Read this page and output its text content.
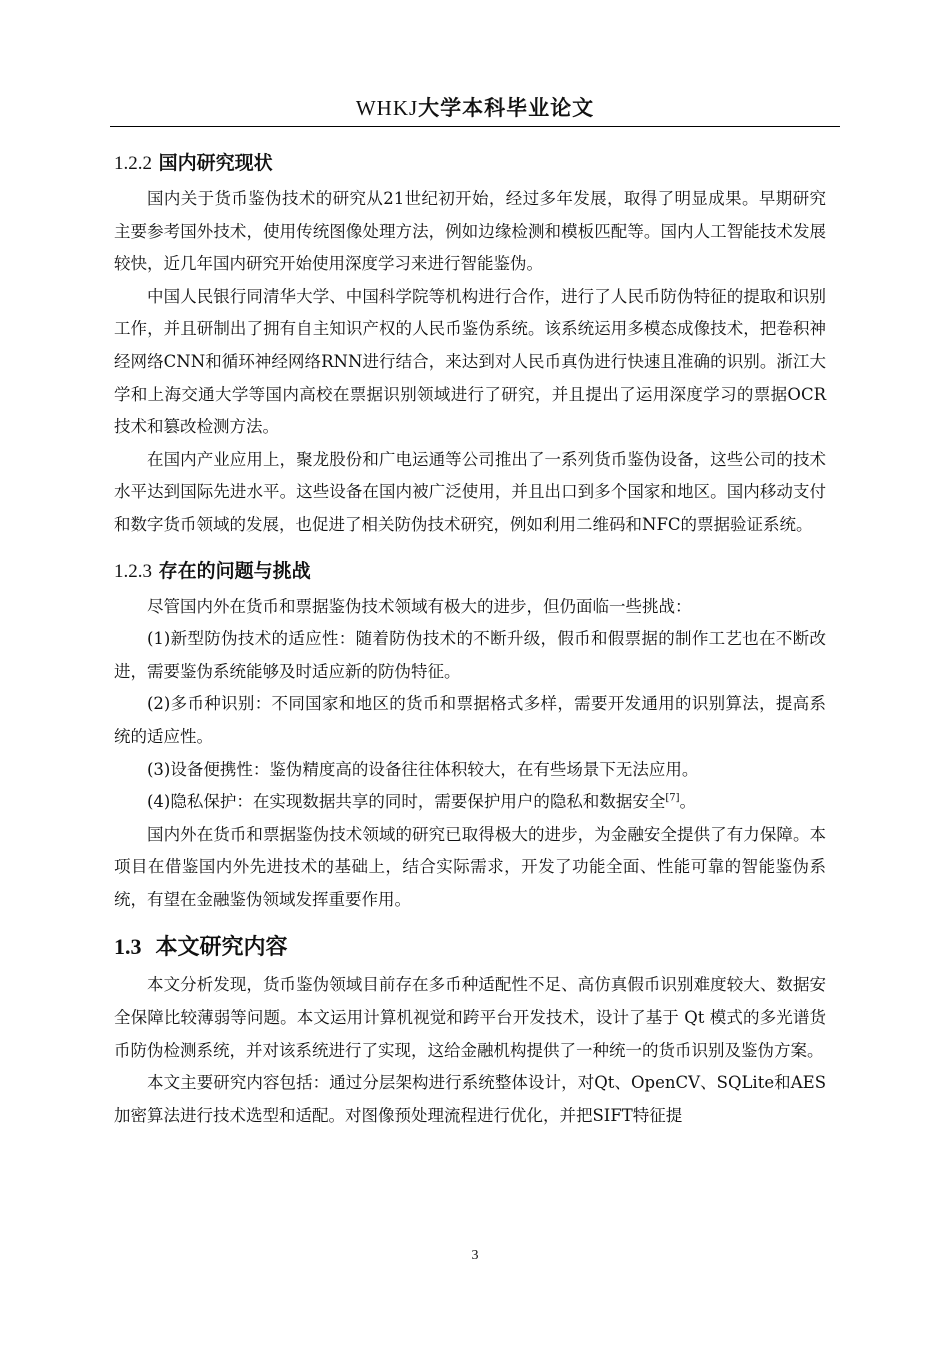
WHKJ大学本科毕业论文
1.2.2 国内研究现状

国内关于货币鉴伪技术的研究从21世纪初开始，经过多年发展，取得了明显成果。早期研究主要参考国外技术，使用传统图像处理方法，例如边缘检测和模板匹配等。国内人工智能技术发展较快，近几年国内研究开始使用深度学习来进行智能鉴伪。

中国人民银行同清华大学、中国科学院等机构进行合作，进行了人民币防伪特征的提取和识别工作，并且研制出了拥有自主知识产权的人民币鉴伪系统。该系统运用多模态成像技术，把卷积神经网络CNN和循环神经网络RNN进行结合，来达到对人民币真伪进行快速且准确的识别。浙江大学和上海交通大学等国内高校在票据识别领域进行了研究，并且提出了运用深度学习的票据OCR技术和篡改检测方法。

在国内产业应用上，聚龙股份和广电运通等公司推出了一系列货币鉴伪设备，这些公司的技术水平达到国际先进水平。这些设备在国内被广泛使用，并且出口到多个国家和地区。国内移动支付和数字货币领域的发展，也促进了相关防伪技术研究，例如利用二维码和NFC的票据验证系统。

1.2.3 存在的问题与挑战

尽管国内外在货币和票据鉴伪技术领域有极大的进步，但仍面临一些挑战：

(1)新型防伪技术的适应性：随着防伪技术的不断升级，假币和假票据的制作工艺也在不断改进，需要鉴伪系统能够及时适应新的防伪特征。

(2)多币种识别：不同国家和地区的货币和票据格式多样，需要开发通用的识别算法，提高系统的适应性。

(3)设备便携性：鉴伪精度高的设备往往体积较大，在有些场景下无法应用。

(4)隐私保护：在实现数据共享的同时，需要保护用户的隐私和数据安全[7]。

国内外在货币和票据鉴伪技术领域的研究已取得极大的进步，为金融安全提供了有力保障。本项目在借鉴国内外先进技术的基础上，结合实际需求，开发了功能全面、性能可靠的智能鉴伪系统，有望在金融鉴伪领域发挥重要作用。

1.3 本文研究内容

本文分析发现，货币鉴伪领域目前存在多币种适配性不足、高仿真假币识别难度较大、数据安全保障比较薄弱等问题。本文运用计算机视觉和跨平台开发技术，设计了基于 Qt 模式的多光谱货币防伪检测系统，并对该系统进行了实现，这给金融机构提供了一种统一的货币识别及鉴伪方案。

本文主要研究内容包括：通过分层架构进行系统整体设计，对Qt、OpenCV、SQLite和AES加密算法进行技术选型和适配。对图像预处理流程进行优化，并把SIFT特征提

3
